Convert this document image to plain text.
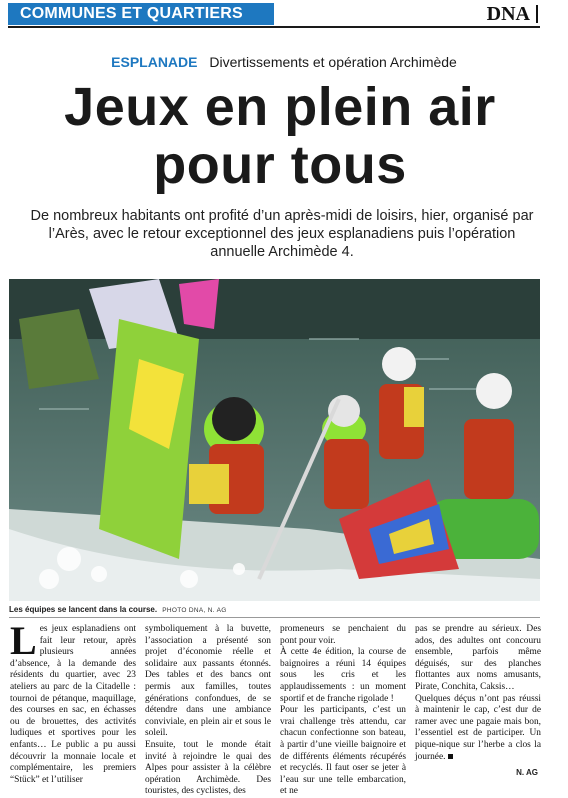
COMMUNES ET QUARTIERS	DNA
ESPLANADE Divertissements et opération Archimède
Jeux en plein air
pour tous
De nombreux habitants ont profité d’un après-midi de loisirs, hier, organisé par l’Arès, avec le retour exceptionnel des jeux esplanadiens puis l’opération annuelle Archimède 4.
Les équipes se lancent dans la course. PHOTO DNA, N. AG

L es jeux esplanadiens ont fait leur retour, après plusieurs années d’absence, à la demande des résidents du quartier, avec 23 ateliers au parc de la Citadelle : tournoi de pétanque, maquillage, des courses en sac, en échasses ou de brouettes, des activités ludiques et sportives pour les enfants… Le public a pu aussi découvrir la monnaie locale et complémentaire, les premiers “Stück” et l’utiliser

symboliquement à la buvette, l’association a présenté son projet d’économie réelle et solidaire aux passants étonnés. Des tables et des bancs ont permis aux familles, toutes générations confondues, de se détendre dans une ambiance conviviale, en plein air et sous le soleil.

Ensuite, tout le monde était invité à rejoindre le quai des Alpes pour assister à la célèbre opération Archimède. Des touristes, des cyclistes, des

promeneurs se penchaient du pont pour voir.

À cette 4e édition, la course de baignoires a réuni 14 équipes sous les cris et les applaudissements : un moment sportif et de franche rigolade !

Pour les participants, c’est un vrai challenge très attendu, car chacun confectionne son bateau, à partir d’une vieille baignoire et de différents éléments récupérés et recyclés. Il faut oser se jeter à l’eau sur une telle embarcation, et ne

pas se prendre au sérieux. Des ados, des adultes ont concouru ensemble, parfois même déguisés, sur des planches flottantes aux noms amusants, Pirate, Conchita, Caksis…

Quelques déçus n’ont pas réussi à maintenir le cap, c’est dur de ramer avec une pagaie mais bon, l’essentiel est de participer. Un pique-nique sur l’herbe a clos la journée.

N. AG
